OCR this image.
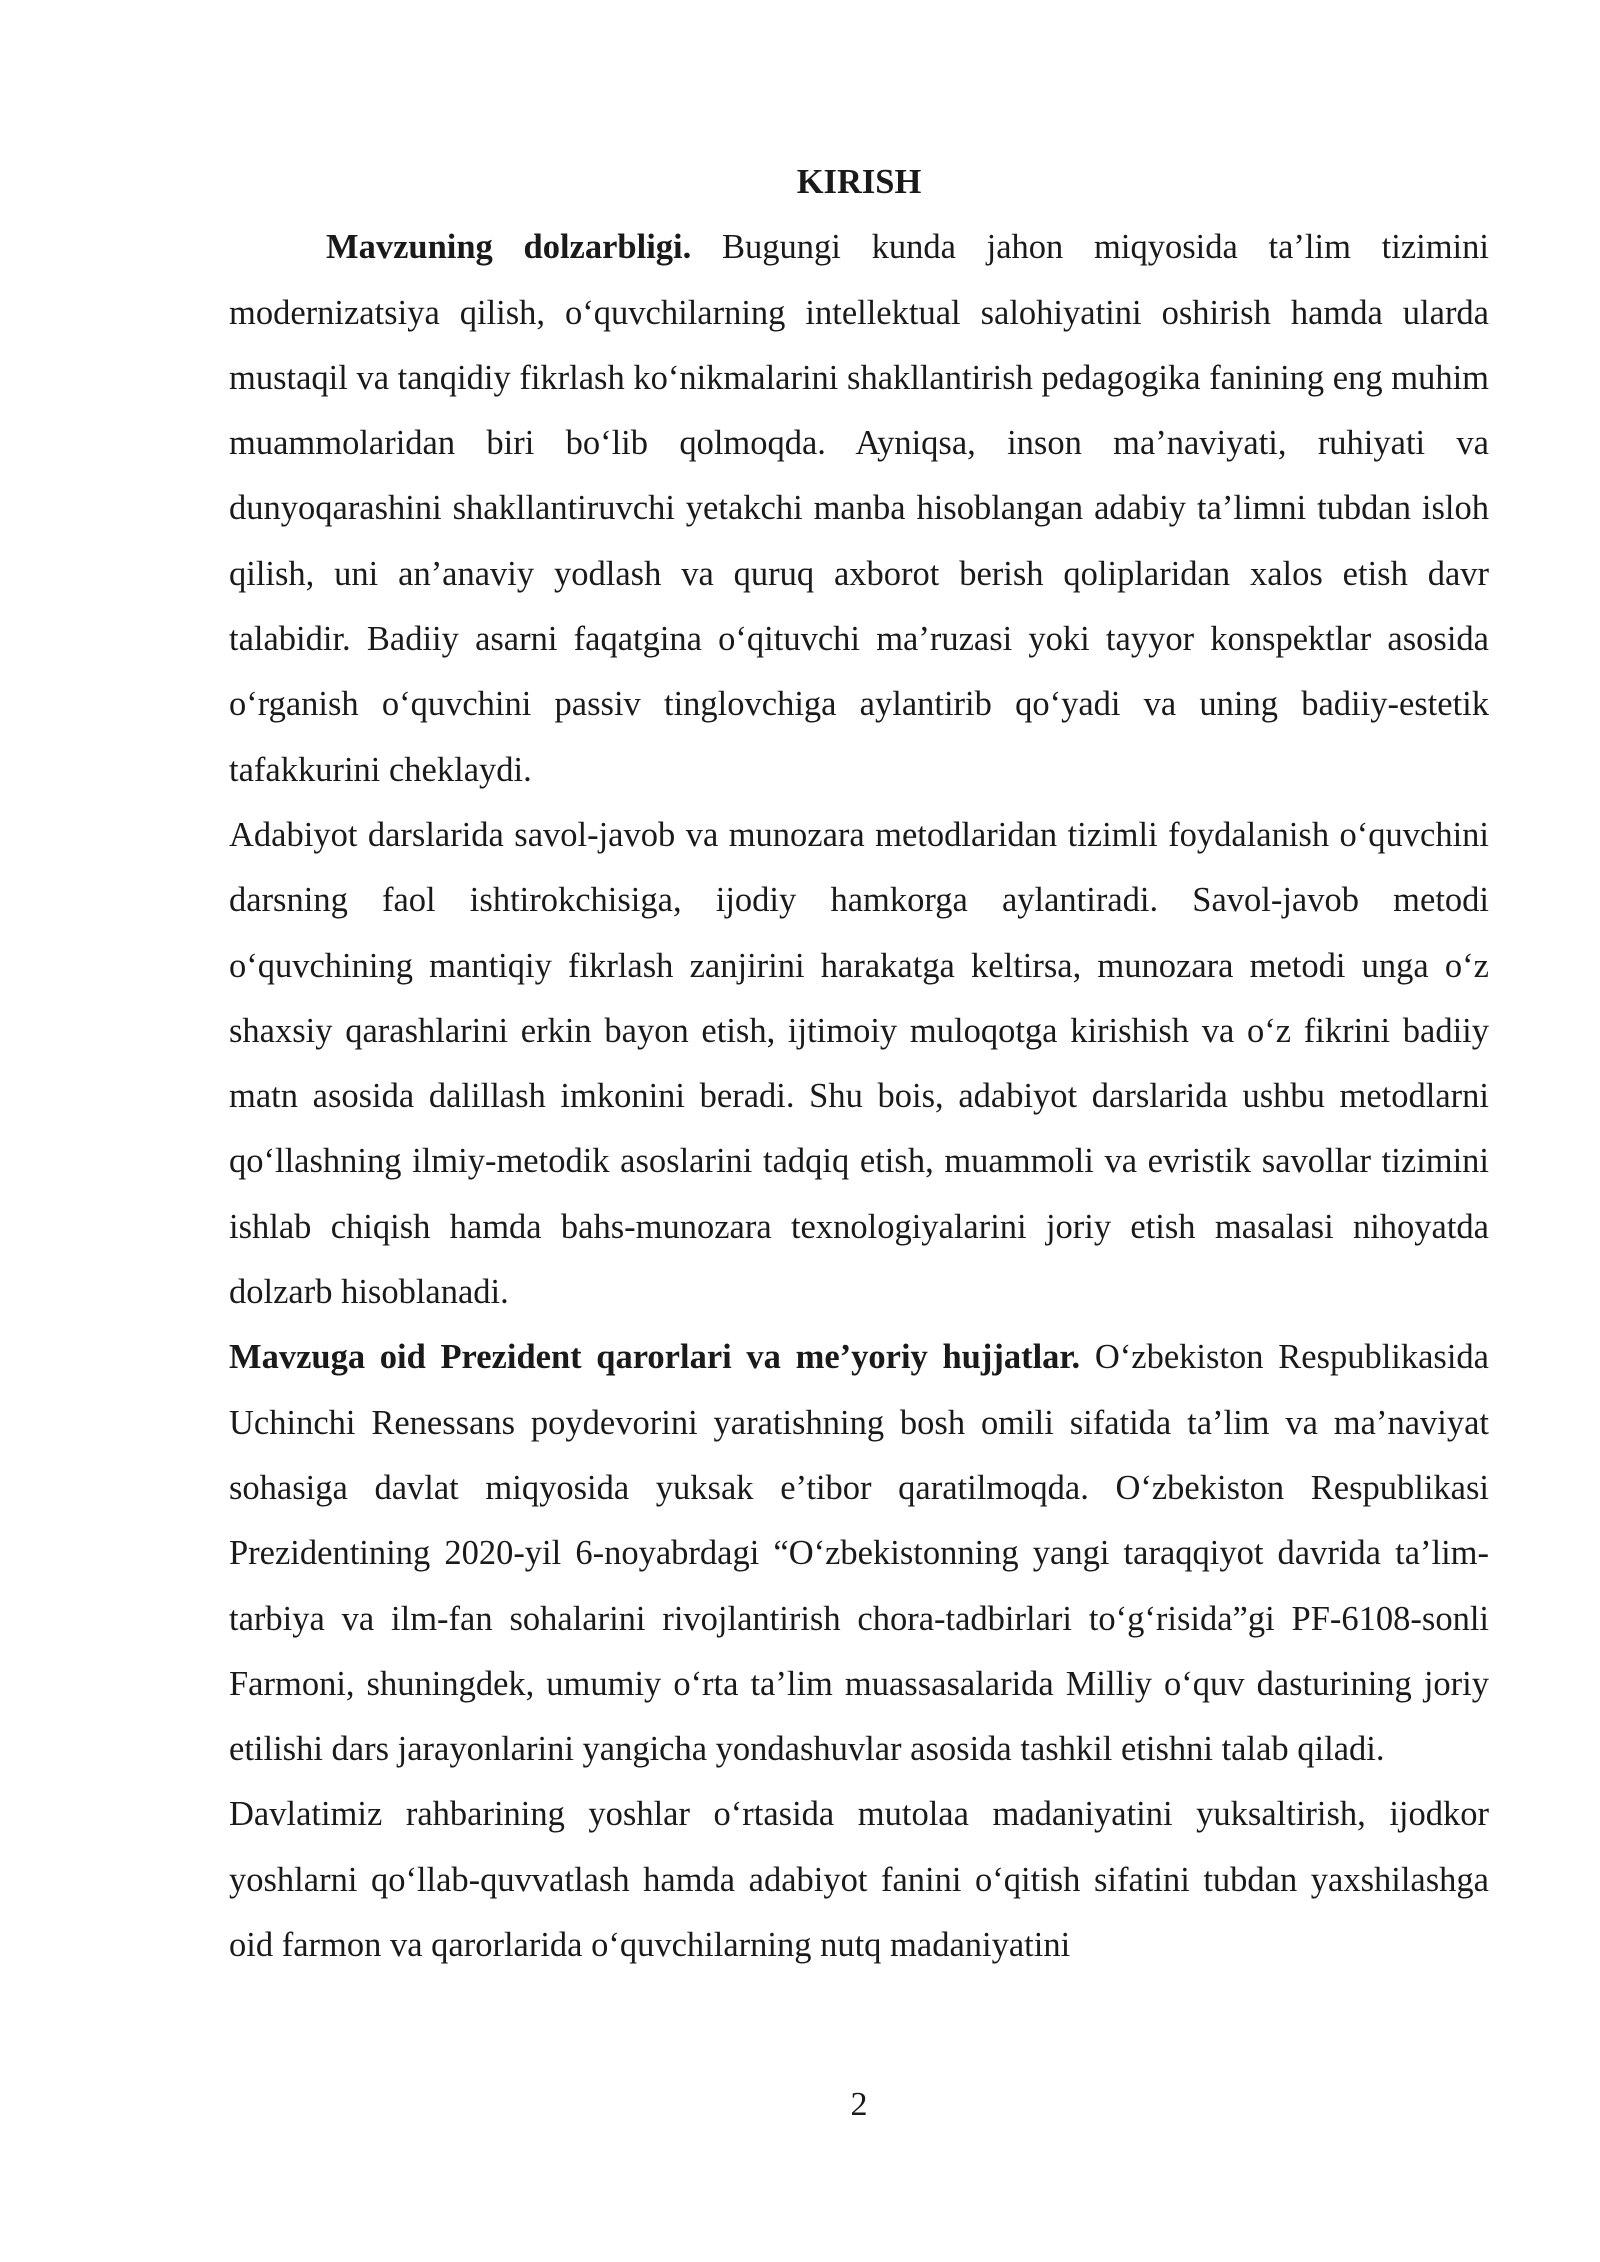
KIRISH

Mavzuning dolzarbligi. Bugungi kunda jahon miqyosida ta’lim tizimini modernizatsiya qilish, o‘quvchilarning intellektual salohiyatini oshirish hamda ularda mustaqil va tanqidiy fikrlash ko‘nikmalarini shakllantirish pedagogika fanining eng muhim muammolaridan biri bo‘lib qolmoqda. Ayniqsa, inson ma’naviyati, ruhiyati va dunyoqarashini shakllantiruvchi yetakchi manba hisoblangan adabiy ta’limni tubdan isloh qilish, uni an’anaviy yodlash va quruq axborot berish qoliplaridan xalos etish davr talabidir. Badiiy asarni faqatgina o‘qituvchi ma’ruzasi yoki tayyor konspektlar asosida o‘rganish o‘quvchini passiv tinglovchiga aylantirib qo‘yadi va uning badiiy-estetik tafakkurini cheklaydi.

Adabiyot darslarida savol-javob va munozara metodlaridan tizimli foydalanish o‘quvchini darsning faol ishtirokchisiga, ijodiy hamkorga aylantiradi. Savol-javob metodi o‘quvchining mantiqiy fikrlash zanjirini harakatga keltirsa, munozara metodi unga o‘z shaxsiy qarashlarini erkin bayon etish, ijtimoiy muloqotga kirishish va o‘z fikrini badiiy matn asosida dalillash imkonini beradi. Shu bois, adabiyot darslarida ushbu metodlarni qo‘llashning ilmiy-metodik asoslarini tadqiq etish, muammoli va evristik savollar tizimini ishlab chiqish hamda bahs-munozara texnologiyalarini joriy etish masalasi nihoyatda dolzarb hisoblanadi.

Mavzuga oid Prezident qarorlari va me’yoriy hujjatlar. O‘zbekiston Respublikasida Uchinchi Renessans poydevorini yaratishning bosh omili sifatida ta’lim va ma’naviyat sohasiga davlat miqyosida yuksak e’tibor qaratilmoqda. O‘zbekiston Respublikasi Prezidentining 2020-yil 6-noyabrdagi “O‘zbekistonning yangi taraqqiyot davrida ta’lim-tarbiya va ilm-fan sohalarini rivojlantirish chora-tadbirlari to‘g‘risida”gi PF-6108-sonli Farmoni, shuningdek, umumiy o‘rta ta’lim muassasalarida Milliy o‘quv dasturining joriy etilishi dars jarayonlarini yangicha yondashuvlar asosida tashkil etishni talab qiladi.

Davlatimiz rahbarining yoshlar o‘rtasida mutolaa madaniyatini yuksaltirish, ijodkor yoshlarni qo‘llab-quvvatlash hamda adabiyot fanini o‘qitish sifatini tubdan yaxshilashga oid farmon va qarorlarida o‘quvchilarning nutq madaniyatini

2
